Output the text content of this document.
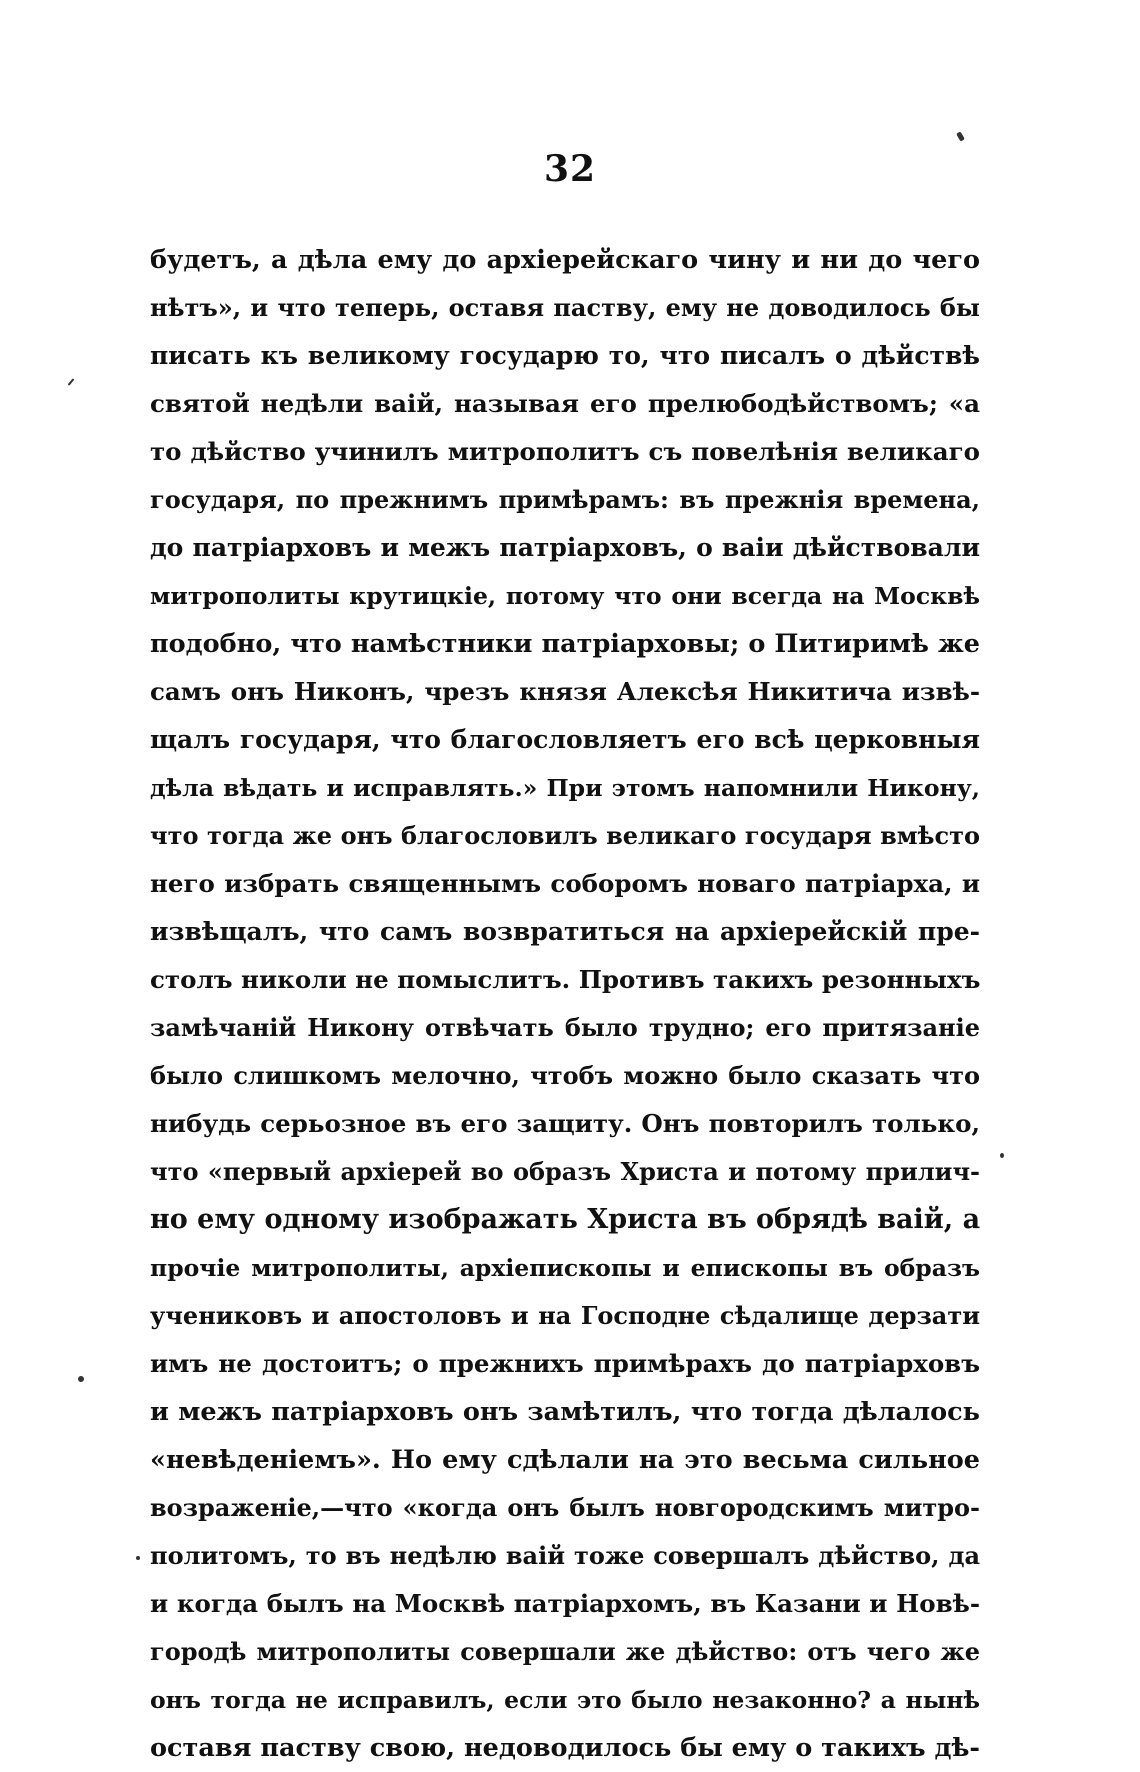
32
будетъ, а дѣла ему до архіерейскаго чину и ни до чего
нѣтъ», и что теперь, оставя паству, ему не доводилось бы
писать къ великому государю то, что писалъ о дѣйствѣ
святой недѣли ваій, называя его прелюбодѣйствомъ; «а
то дѣйство учинилъ митрополитъ съ повелѣнія великаго
государя, по прежнимъ примѣрамъ: въ прежнія времена,
до патріарховъ и межъ патріарховъ, о ваіи дѣйствовали
митрополиты крутицкіе, потому что они всегда на Москвѣ
подобно, что намѣстники патріарховы; о Питиримѣ же
самъ онъ Никонъ, чрезъ князя Алексѣя Никитича извѣ-
щалъ государя, что благословляетъ его всѣ церковныя
дѣла вѣдать и исправлять.» При этомъ напомнили Никону,
что тогда же онъ благословилъ великаго государя вмѣсто
него избрать священнымъ соборомъ новаго патріарха, и
извѣщалъ, что самъ возвратиться на архіерейскій пре-
столъ николи не помыслитъ. Противъ такихъ резонныхъ
замѣчаній Никону отвѣчать было трудно; его притязаніе
было слишкомъ мелочно, чтобъ можно было сказать что
нибудь серьозное въ его защиту. Онъ повторилъ только,
что «первый архіерей во образъ Христа и потому прилич-
но ему одному изображать Христа въ обрядѣ ваій, а
прочіе митрополиты, архіепископы и епископы въ образъ
учениковъ и апостоловъ и на Господне сѣдалище дерзати
имъ не достоитъ; о прежнихъ примѣрахъ до патріарховъ
и межъ патріарховъ онъ замѣтилъ, что тогда дѣлалось
«невѣденіемъ». Но ему сдѣлали на это весьма сильное
возраженіе,—что «когда онъ былъ новгородскимъ митро-
политомъ, то въ недѣлю ваій тоже совершалъ дѣйство, да
и когда былъ на Москвѣ патріархомъ, въ Казани и Новѣ-
городѣ митрополиты совершали же дѣйство: отъ чего же
онъ тогда не исправилъ, если это было незаконно? а нынѣ
оставя паству свою, недоводилось бы ему о такихъ дѣ-
